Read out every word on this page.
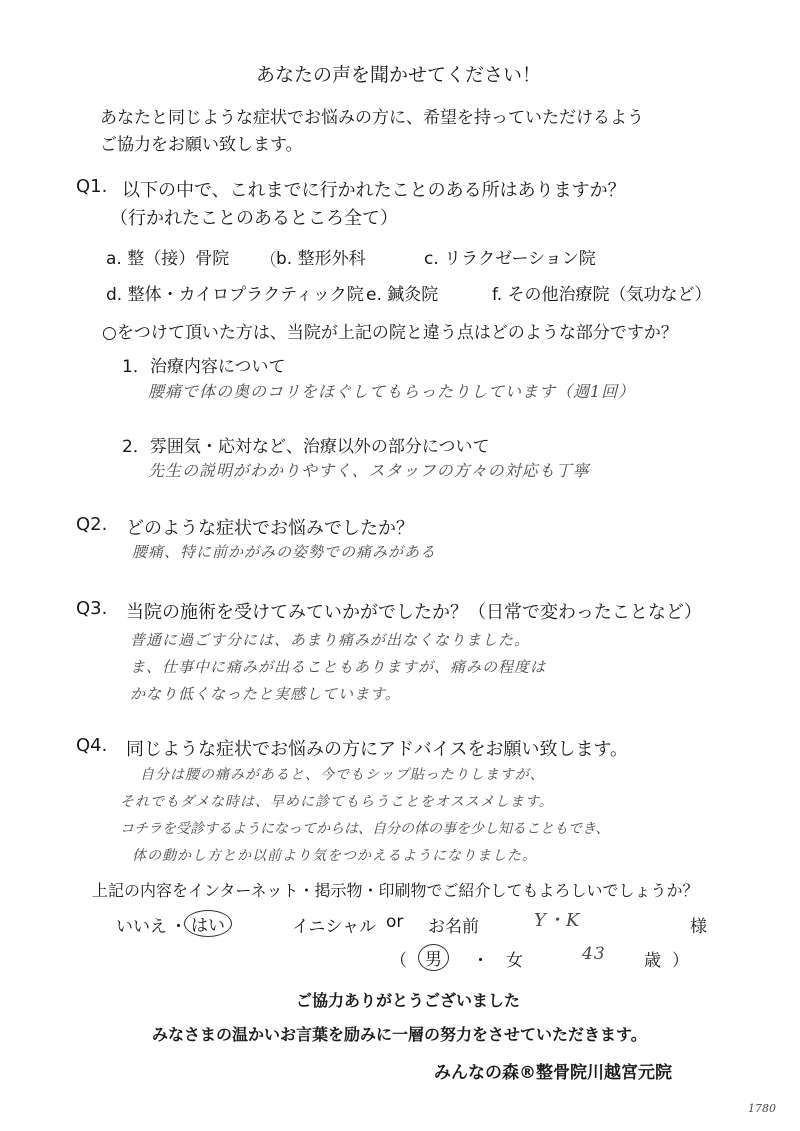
あなたの声を聞かせてください！
あなたと同じような症状でお悩みの方に、希望を持っていただけるよう
ご協力をお願い致します。
Q1. 以下の中で、これまでに行かれたことのある所はありますか？
（行かれたことのあるところ全て）
a. 整（接）骨院	b. 整形外科	c. リラクゼーション院
d. 整体・カイロプラクティック院 e. 鍼灸院	f. その他治療院（気功など）
○をつけて頂いた方は、当院が上記の院と違う点はどのような部分ですか？
1．治療内容について
腰痛で体の奥のコリをほぐしてもらったりしています（週1回）
2．雰囲気・応対など、治療以外の部分について
先生の説明がわかりやすく、スタッフの方々の対応も丁寧
Q2. どのような症状でお悩みでしたか？
腰痛、特に前かがみの姿勢での痛みがある
Q3. 当院の施術を受けてみていかがでしたか？（日常で変わったことなど）
普通に過ごす分には、あまり痛みが出なくなりました。
ま、仕事中に痛みが出ることもありますが、痛みの程度は
かなり低くなったと実感しています。
Q4. 同じような症状でお悩みの方にアドバイスをお願い致します。
自分は腰の痛みがあると、今でもシップ貼ったりしますが、
それでもダメな時は、早めに診てもらうことをオススメします。
コチラを受診するようになってからは、自分の体の事を少し知ることもでき、
体の動かし方とか以前より気をつかえるようになりました。
上記の内容をインターネット・掲示物・印刷物でご紹介してもよろしいでしょうか？
いいえ ・ はい	イニシャル or お名前	Y・K	様
（	男	・ 女	43 歳 ）
ご協力ありがとうございました
みなさまの温かいお言葉を励みに一層の努力をさせていただきます。
みんなの森®整骨院川越宮元院
1780
